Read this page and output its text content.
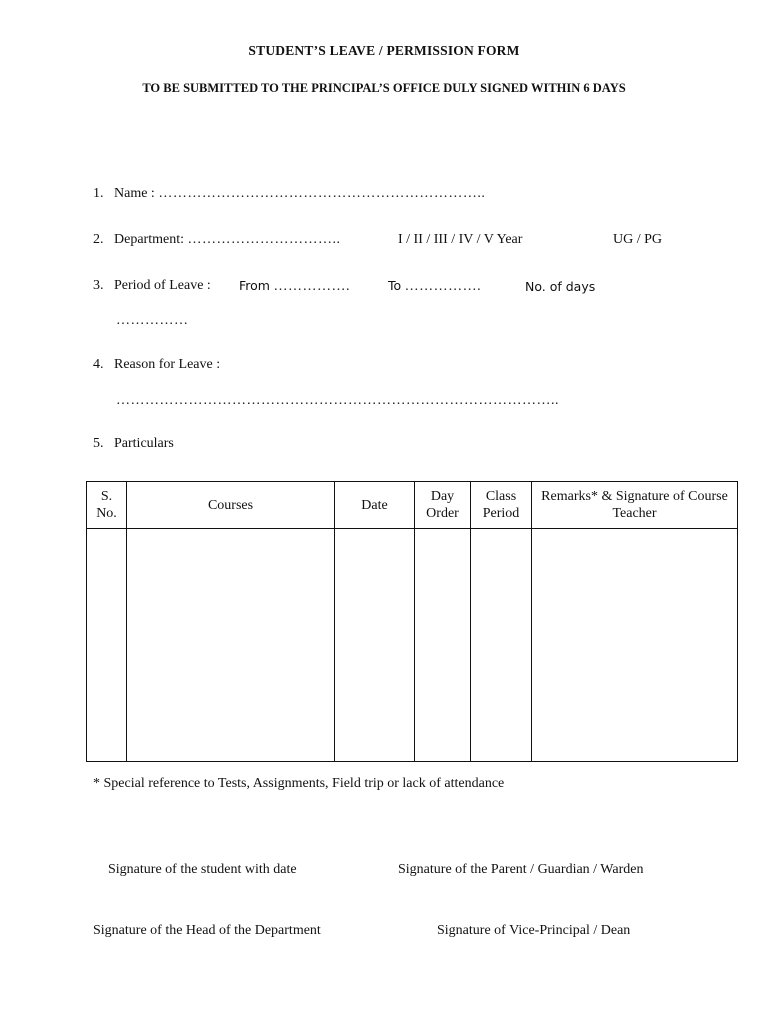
STUDENT’S LEAVE / PERMISSION FORM
TO BE SUBMITTED TO THE PRINCIPAL’S OFFICE DULY SIGNED WITHIN 6 DAYS
1. Name : …………………………………………………………..
2. Department: …………………………..	I / II / III / IV / V Year	UG / PG
3. Period of Leave : From …………….	To …………….	No. of days
……………
4. Reason for Leave :
………………………………………………………………………………..
5. Particulars
S. No.	Courses	Date	Day Order	Class Period	Remarks* & Signature of Course Teacher

* Special reference to Tests, Assignments, Field trip or lack of attendance
Signature of the student with date	Signature of the Parent / Guardian / Warden
Signature of the Head of the Department	Signature of Vice-Principal / Dean
